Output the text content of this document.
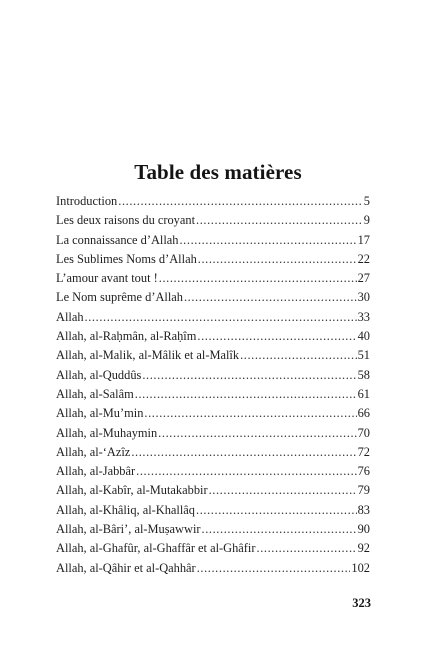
Table des matières
Introduction .....	5
Les deux raisons du croyant .....	9
La connaissance d’Allah .....	17
Les Sublimes Noms d’Allah .....	22
L’amour avant tout ! .....	27
Le Nom suprême d’Allah .....	30
Allah .....	33
Allah, al-Raḥmân, al-Raḥîm .....	40
Allah, al-Malik, al-Mâlik et al-Malîk .....	51
Allah, al-Quddûs .....	58
Allah, al-Salâm .....	61
Allah, al-Mu’min .....	66
Allah, al-Muhaymin .....	70
Allah, al-‘Azîz .....	72
Allah, al-Jabbâr .....	76
Allah, al-Kabîr, al-Mutakabbir .....	79
Allah, al-Khâliq, al-Khallâq .....	83
Allah, al-Bâri’, al-Muṣawwir .....	90
Allah, al-Ghafûr, al-Ghaffâr et al-Ghâfir .....	92
Allah, al-Qâhir et al-Qahhâr .....	102
323
